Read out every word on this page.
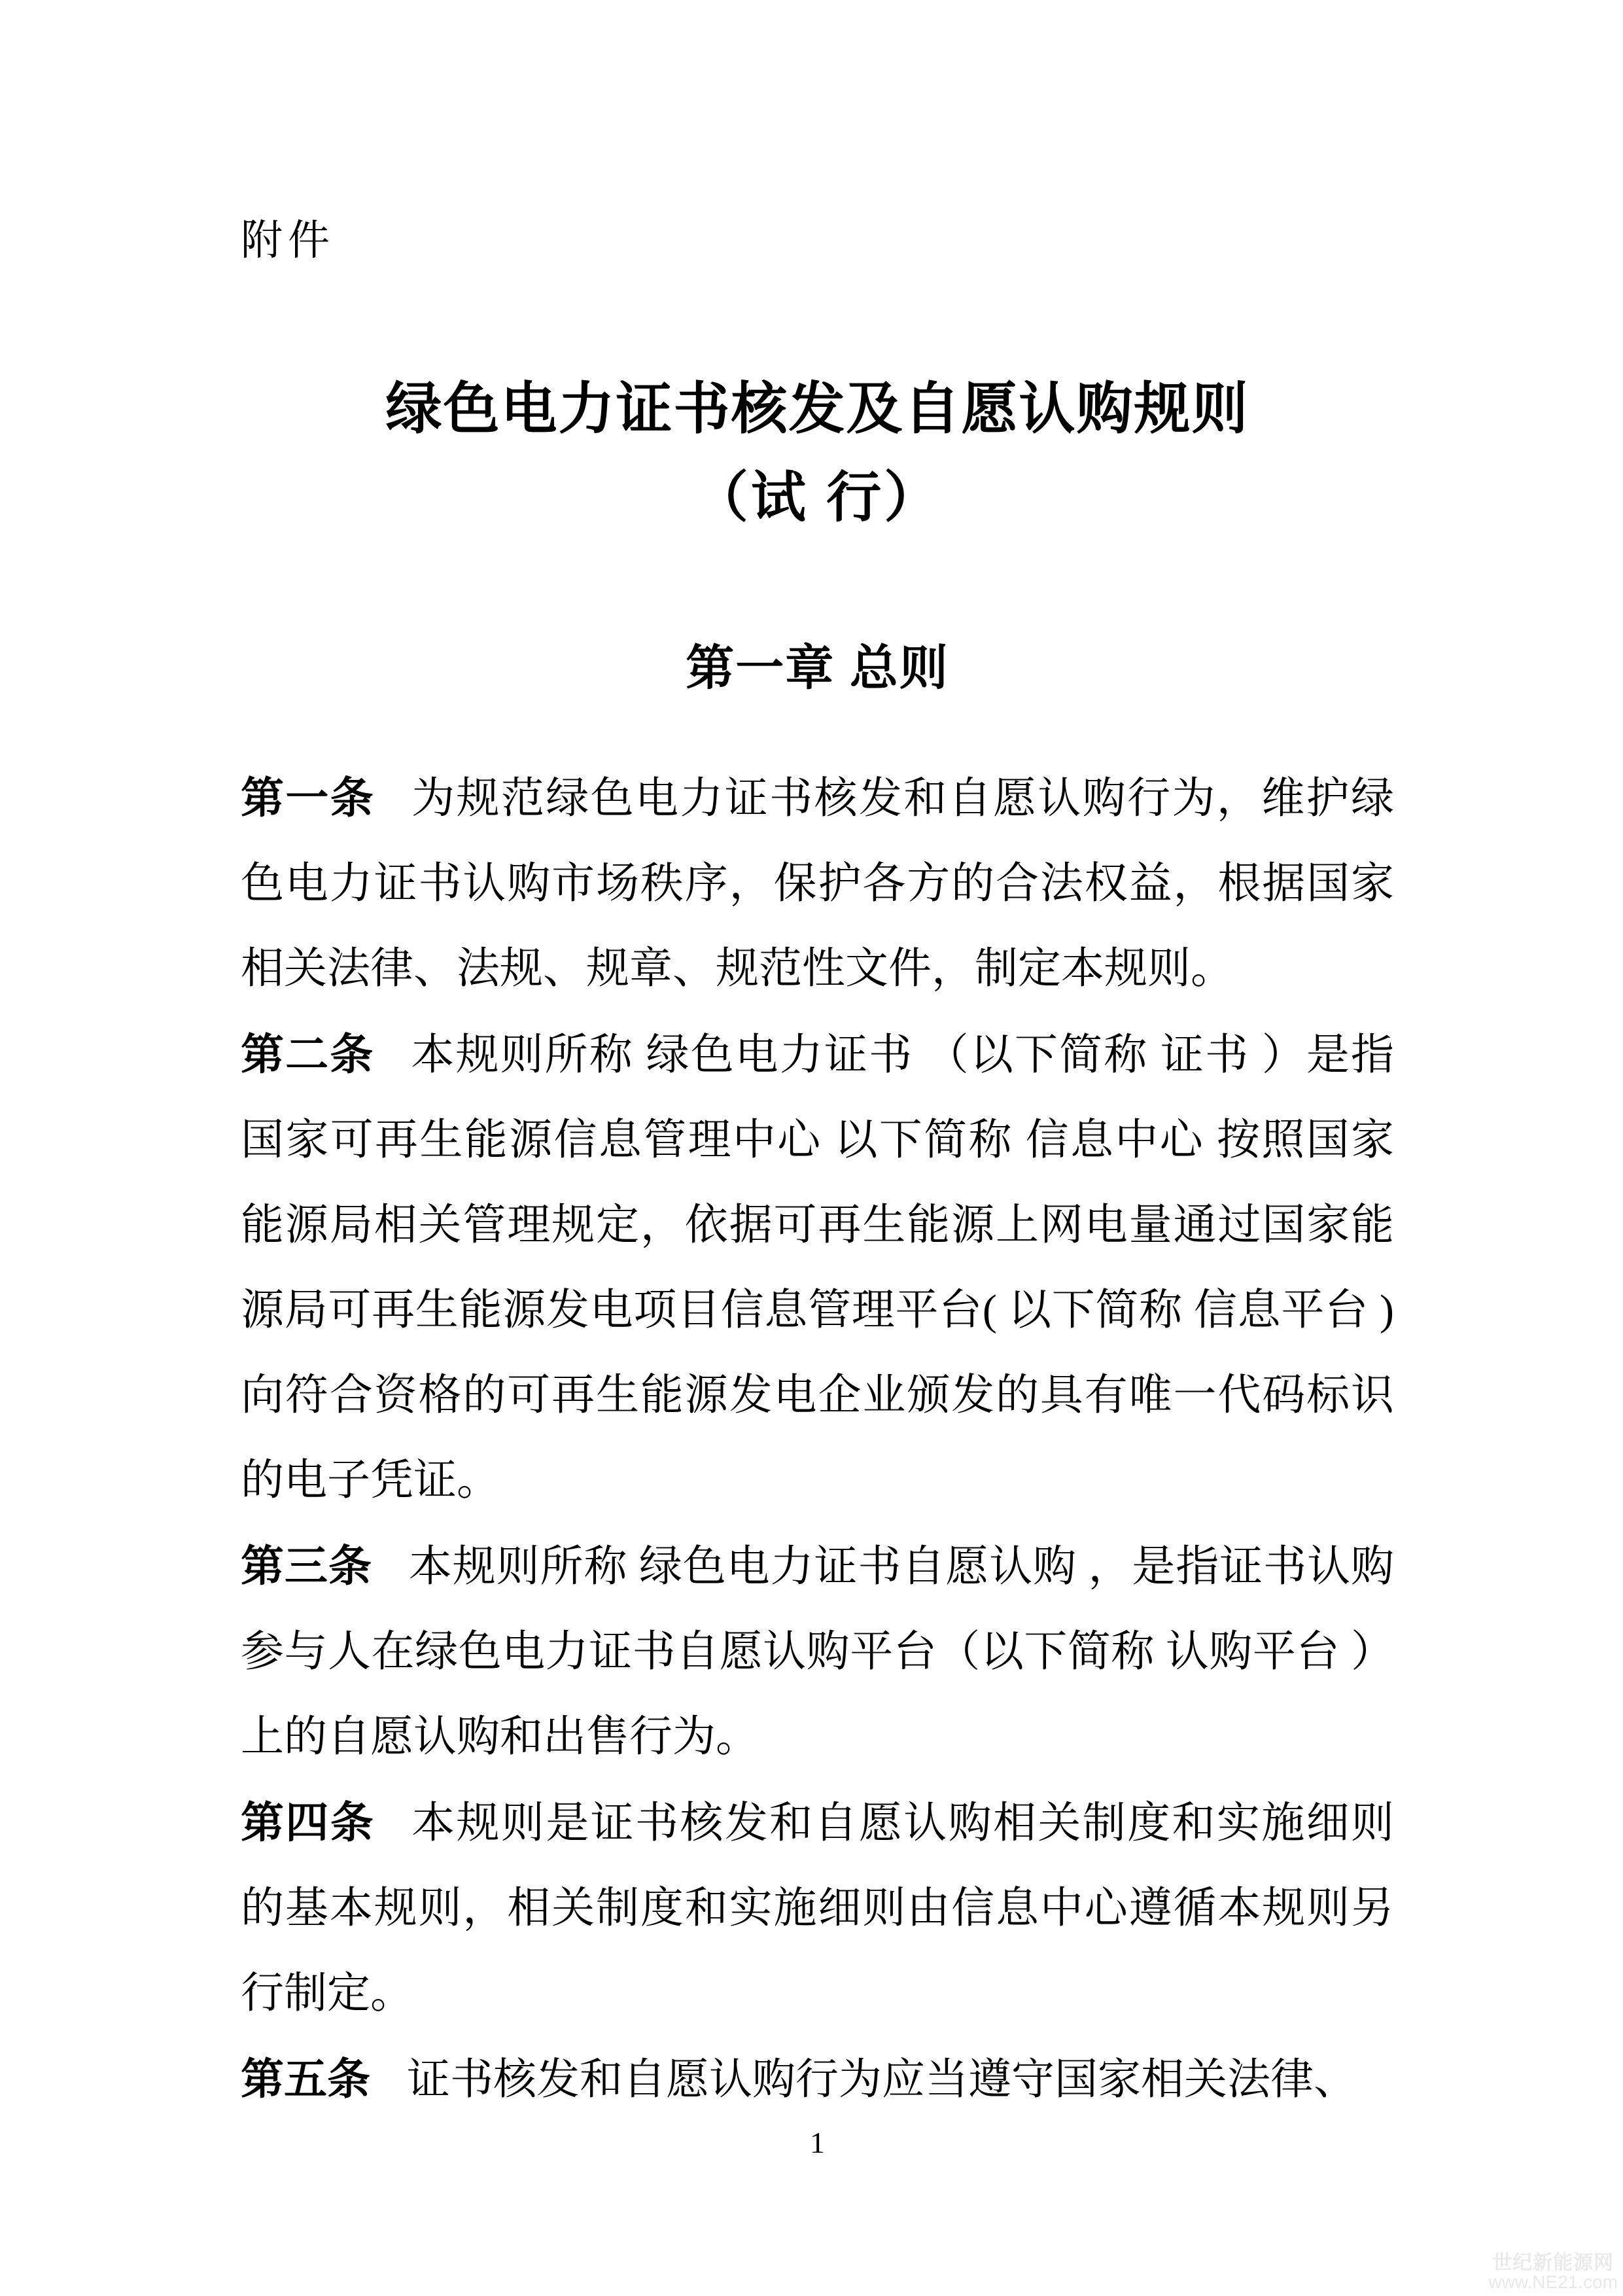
附件
绿色电力证书核发及自愿认购规则
（试 行）
第一章 总则

第一条 为规范绿色电力证书核发和自愿认购行为，维护绿色电力证书认购市场秩序，保护各方的合法权益，根据国家相关法律、法规、规章、规范性文件，制定本规则。

第二条 本规则所称 绿色电力证书 （以下简称 证书 ）是指国家可再生能源信息管理中心 以下简称 信息中心 按照国家能源局相关管理规定，依据可再生能源上网电量通过国家能源局可再生能源发电项目信息管理平台( 以下简称 信息平台 )向符合资格的可再生能源发电企业颁发的具有唯一代码标识的电子凭证。

第三条 本规则所称 绿色电力证书自愿认购 ，是指证书认购参与人在绿色电力证书自愿认购平台（以下简称 认购平台 ）上的自愿认购和出售行为。

第四条 本规则是证书核发和自愿认购相关制度和实施细则的基本规则，相关制度和实施细则由信息中心遵循本规则另行制定。

第五条 证书核发和自愿认购行为应当遵守国家相关法律、

1
世纪新能源网
www.NE21.com
